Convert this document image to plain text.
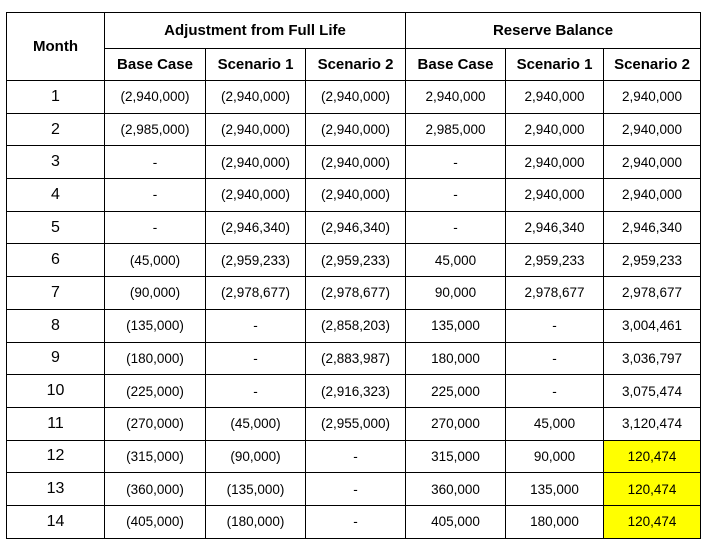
Month	Adjustment from Full Life			Reserve Balance		
	Base Case	Scenario 1	Scenario 2	Base Case	Scenario 1	Scenario 2
1	(2,940,000)	(2,940,000)	(2,940,000)	2,940,000	2,940,000	2,940,000
2	(2,985,000)	(2,940,000)	(2,940,000)	2,985,000	2,940,000	2,940,000
3	-	(2,940,000)	(2,940,000)	-	2,940,000	2,940,000
4	-	(2,940,000)	(2,940,000)	-	2,940,000	2,940,000
5	-	(2,946,340)	(2,946,340)	-	2,946,340	2,946,340
6	(45,000)	(2,959,233)	(2,959,233)	45,000	2,959,233	2,959,233
7	(90,000)	(2,978,677)	(2,978,677)	90,000	2,978,677	2,978,677
8	(135,000)	-	(2,858,203)	135,000	-	3,004,461
9	(180,000)	-	(2,883,987)	180,000	-	3,036,797
10	(225,000)	-	(2,916,323)	225,000	-	3,075,474
11	(270,000)	(45,000)	(2,955,000)	270,000	45,000	3,120,474
12	(315,000)	(90,000)	-	315,000	90,000	120,474
13	(360,000)	(135,000)	-	360,000	135,000	120,474
14	(405,000)	(180,000)	-	405,000	180,000	120,474
